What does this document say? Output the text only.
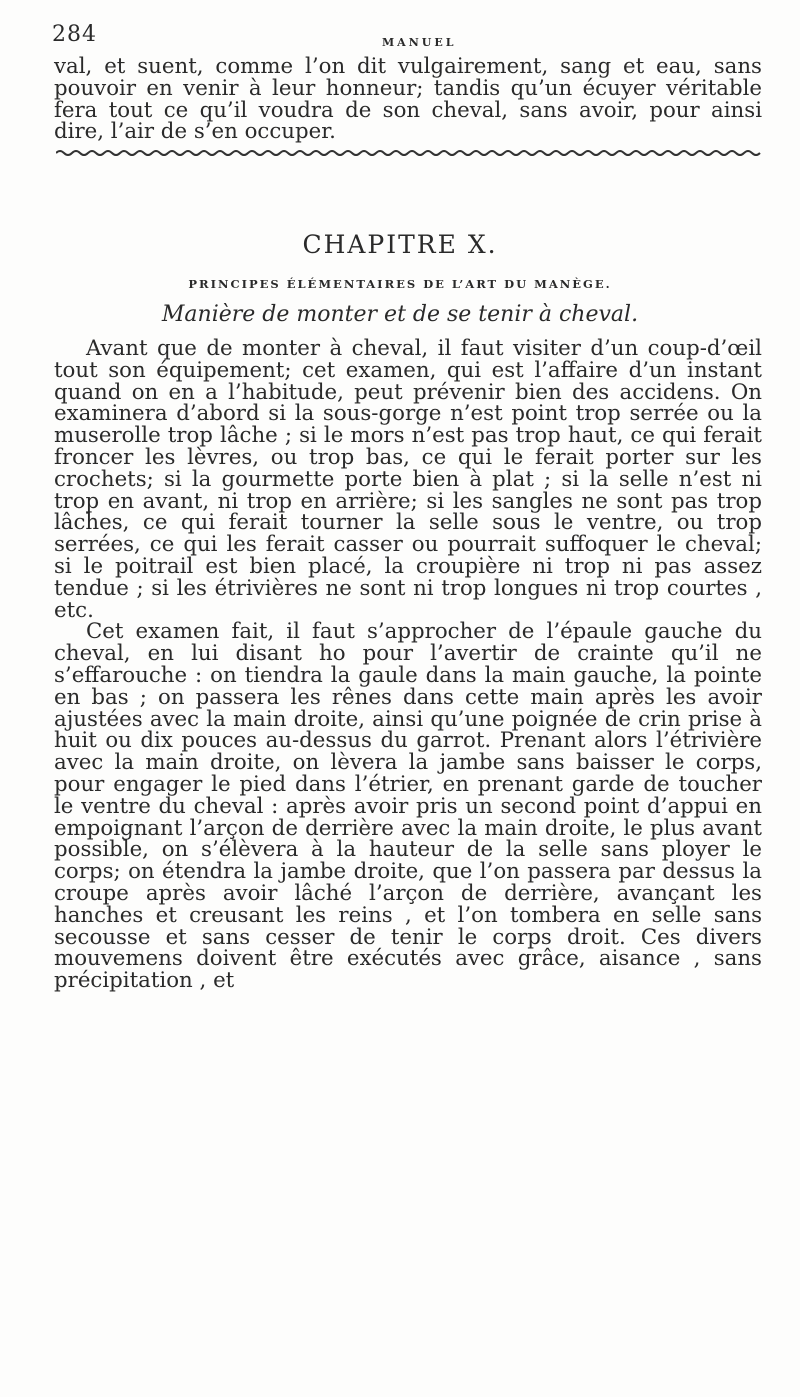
284	MANUEL

val, et suent, comme l’on dit vulgairement, sang et eau, sans pouvoir en venir à leur honneur; tandis qu’un écuyer véritable fera tout ce qu’il voudra de son cheval, sans avoir, pour ainsi dire, l’air de s’en occuper.

CHAPITRE X.
PRINCIPES ÉLÉMENTAIRES DE L’ART DU MANÈGE.
Manière de monter et de se tenir à cheval.

Avant que de monter à cheval, il faut visiter d’un coup-d’œil tout son équipement; cet examen, qui est l’affaire d’un instant quand on en a l’habitude, peut prévenir bien des accidens. On examinera d’abord si la sous-gorge n’est point trop serrée ou la muserolle trop lâche ; si le mors n’est pas trop haut, ce qui ferait froncer les lèvres, ou trop bas, ce qui le ferait porter sur les crochets; si la gourmette porte bien à plat ; si la selle n’est ni trop en avant, ni trop en arrière; si les sangles ne sont pas trop lâches, ce qui ferait tourner la selle sous le ventre, ou trop serrées, ce qui les ferait casser ou pourrait suffoquer le cheval; si le poitrail est bien placé, la croupière ni trop ni pas assez tendue ; si les étrivières ne sont ni trop longues ni trop courtes , etc.

Cet examen fait, il faut s’approcher de l’épaule gauche du cheval, en lui disant ho pour l’avertir de crainte qu’il ne s’effarouche : on tiendra la gaule dans la main gauche, la pointe en bas ; on passera les rênes dans cette main après les avoir ajustées avec la main droite, ainsi qu’une poignée de crin prise à huit ou dix pouces au-dessus du garrot. Prenant alors l’étrivière avec la main droite, on lèvera la jambe sans baisser le corps, pour engager le pied dans l’étrier, en prenant garde de toucher le ventre du cheval : après avoir pris un second point d’appui en empoignant l’arçon de derrière avec la main droite, le plus avant possible, on s’élèvera à la hauteur de la selle sans ployer le corps; on étendra la jambe droite, que l’on passera par dessus la croupe après avoir lâché l’arçon de derrière, avançant les hanches et creusant les reins , et l’on tombera en selle sans secousse et sans cesser de tenir le corps droit. Ces divers mouvemens doivent être exécutés avec grâce, aisance , sans précipitation , et
